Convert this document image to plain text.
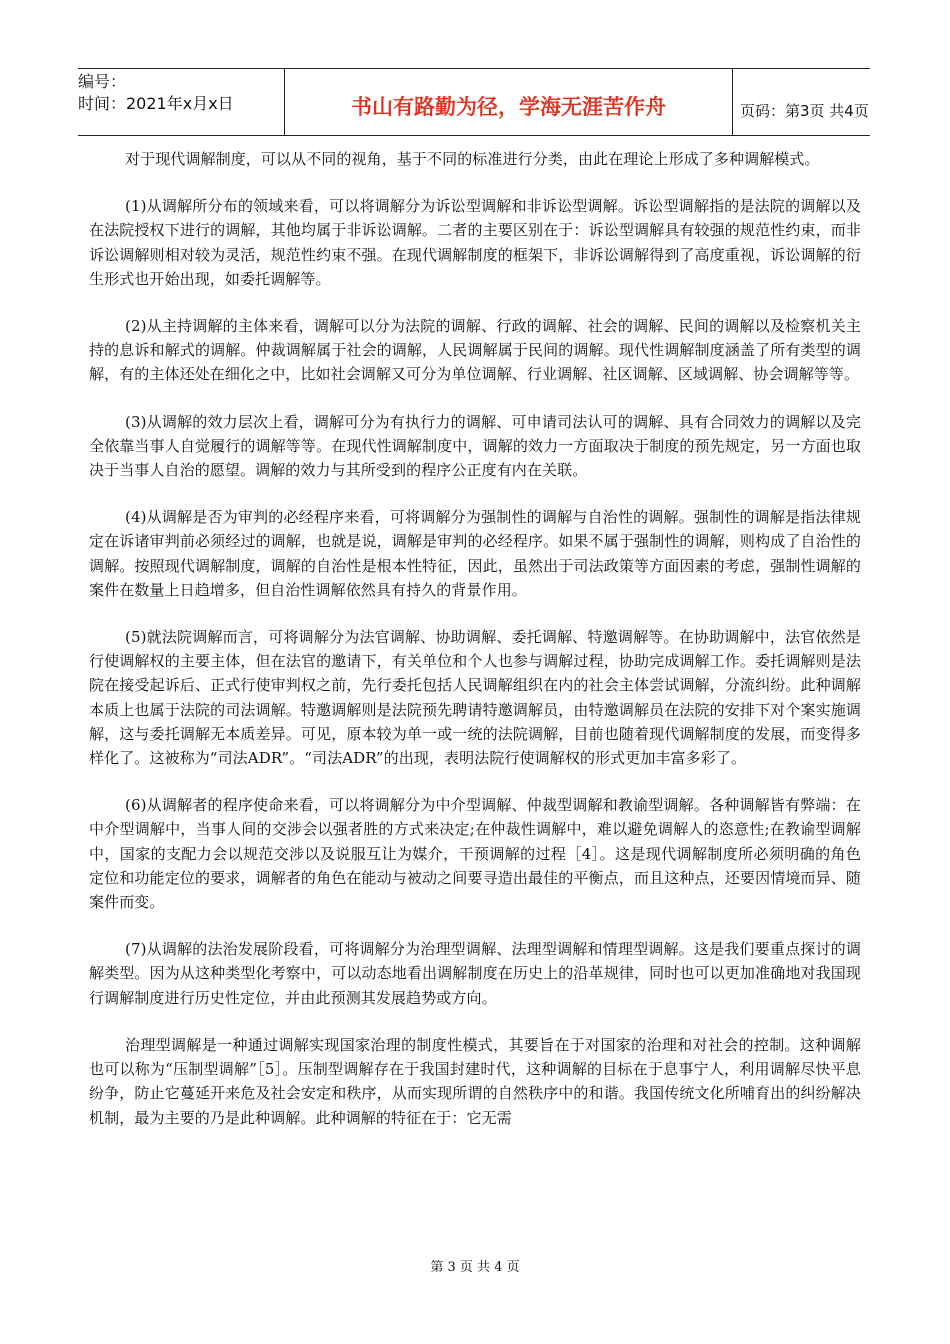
编号：
时间：2021年x月x日	书山有路勤为径，学海无涯苦作舟	页码：第3页 共4页

对于现代调解制度，可以从不同的视角，基于不同的标准进行分类，由此在理论上形成了多种调解模式。

(1)从调解所分布的领域来看，可以将调解分为诉讼型调解和非诉讼型调解。诉讼型调解指的是法院的调解以及在法院授权下进行的调解，其他均属于非诉讼调解。二者的主要区别在于：诉讼型调解具有较强的规范性约束，而非诉讼调解则相对较为灵活，规范性约束不强。在现代调解制度的框架下，非诉讼调解得到了高度重视，诉讼调解的衍生形式也开始出现，如委托调解等。

(2)从主持调解的主体来看，调解可以分为法院的调解、行政的调解、社会的调解、民间的调解以及检察机关主持的息诉和解式的调解。仲裁调解属于社会的调解，人民调解属于民间的调解。现代性调解制度涵盖了所有类型的调解，有的主体还处在细化之中，比如社会调解又可分为单位调解、行业调解、社区调解、区域调解、协会调解等等。

(3)从调解的效力层次上看，调解可分为有执行力的调解、可申请司法认可的调解、具有合同效力的调解以及完全依靠当事人自觉履行的调解等等。在现代性调解制度中，调解的效力一方面取决于制度的预先规定，另一方面也取决于当事人自治的愿望。调解的效力与其所受到的程序公正度有内在关联。

(4)从调解是否为审判的必经程序来看，可将调解分为强制性的调解与自治性的调解。强制性的调解是指法律规定在诉诸审判前必须经过的调解，也就是说，调解是审判的必经程序。如果不属于强制性的调解，则构成了自治性的调解。按照现代调解制度，调解的自治性是根本性特征，因此，虽然出于司法政策等方面因素的考虑，强制性调解的案件在数量上日趋增多，但自治性调解依然具有持久的背景作用。

(5)就法院调解而言，可将调解分为法官调解、协助调解、委托调解、特邀调解等。在协助调解中，法官依然是行使调解权的主要主体，但在法官的邀请下，有关单位和个人也参与调解过程，协助完成调解工作。委托调解则是法院在接受起诉后、正式行使审判权之前，先行委托包括人民调解组织在内的社会主体尝试调解，分流纠纷。此种调解本质上也属于法院的司法调解。特邀调解则是法院预先聘请特邀调解员，由特邀调解员在法院的安排下对个案实施调解，这与委托调解无本质差异。可见，原本较为单一或一统的法院调解，目前也随着现代调解制度的发展，而变得多样化了。这被称为“司法ADR”。“司法ADR”的出现，表明法院行使调解权的形式更加丰富多彩了。

(6)从调解者的程序使命来看，可以将调解分为中介型调解、仲裁型调解和教谕型调解。各种调解皆有弊端：在中介型调解中，当事人间的交涉会以强者胜的方式来决定;在仲裁性调解中，难以避免调解人的恣意性;在教谕型调解中，国家的支配力会以规范交涉以及说服互让为媒介，干预调解的过程［4］。这是现代调解制度所必须明确的角色定位和功能定位的要求，调解者的角色在能动与被动之间要寻造出最佳的平衡点，而且这种点，还要因情境而异、随案件而变。

(7)从调解的法治发展阶段看，可将调解分为治理型调解、法理型调解和情理型调解。这是我们要重点探讨的调解类型。因为从这种类型化考察中，可以动态地看出调解制度在历史上的沿革规律，同时也可以更加准确地对我国现行调解制度进行历史性定位，并由此预测其发展趋势或方向。

治理型调解是一种通过调解实现国家治理的制度性模式，其要旨在于对国家的治理和对社会的控制。这种调解也可以称为“压制型调解”［5］。压制型调解存在于我国封建时代，这种调解的目标在于息事宁人，利用调解尽快平息纷争，防止它蔓延开来危及社会安定和秩序，从而实现所谓的自然秩序中的和谐。我国传统文化所哺育出的纠纷解决机制，最为主要的乃是此种调解。此种调解的特征在于：它无需

第 3 页 共 4 页
